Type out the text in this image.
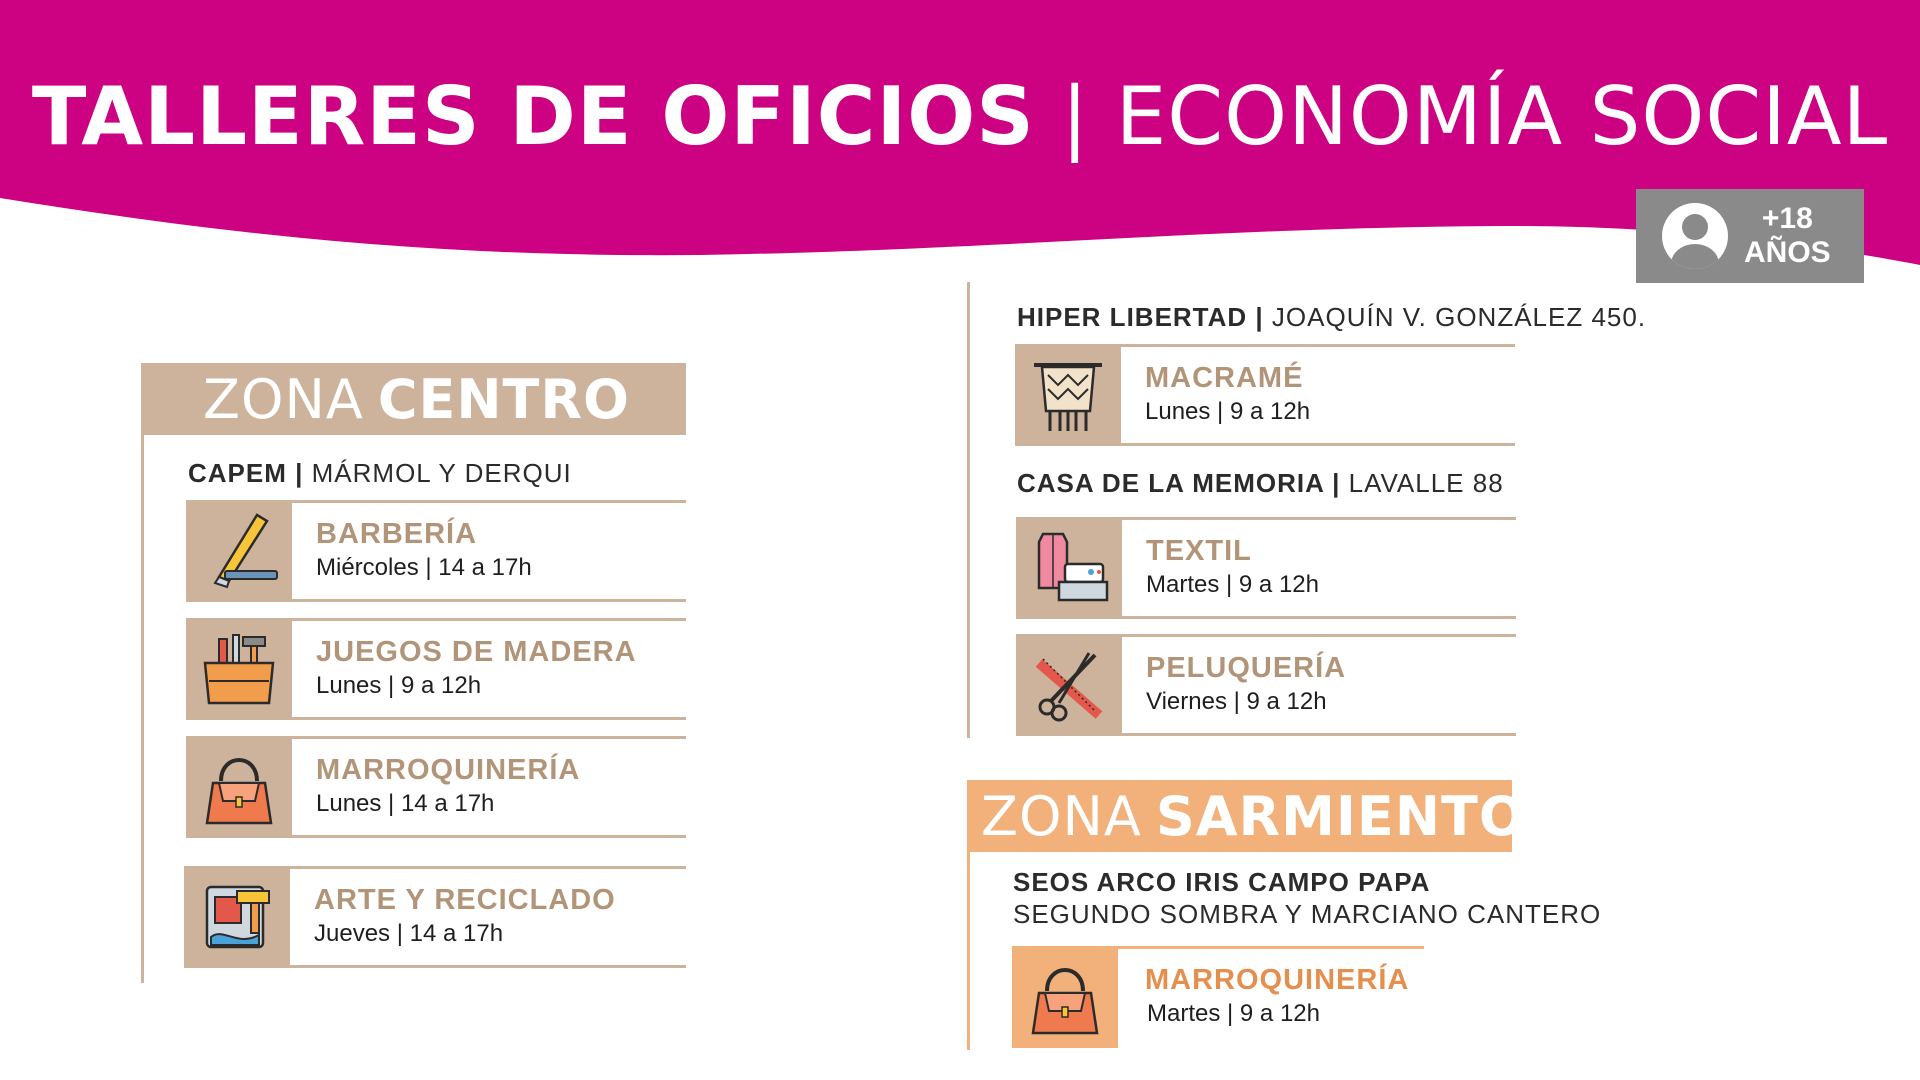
TALLERES DE OFICIOS | ECONOMÍA SOCIAL
+18
AÑOS
ZONA CENTRO
CAPEM | MÁRMOL Y DERQUI
BARBERÍA
Miércoles | 14 a 17h
JUEGOS DE MADERA
Lunes | 9 a 12h
MARROQUINERÍA
Lunes | 14 a 17h
ARTE Y RECICLADO
Jueves | 14 a 17h
HIPER LIBERTAD | JOAQUÍN V. GONZÁLEZ 450.
MACRAMÉ
Lunes | 9 a 12h
CASA DE LA MEMORIA | LAVALLE 88
TEXTIL
Martes | 9 a 12h
PELUQUERÍA
Viernes | 9 a 12h
ZONA SARMIENTO
SEOS ARCO IRIS CAMPO PAPA
SEGUNDO SOMBRA Y MARCIANO CANTERO
MARROQUINERÍA
Martes | 9 a 12h
